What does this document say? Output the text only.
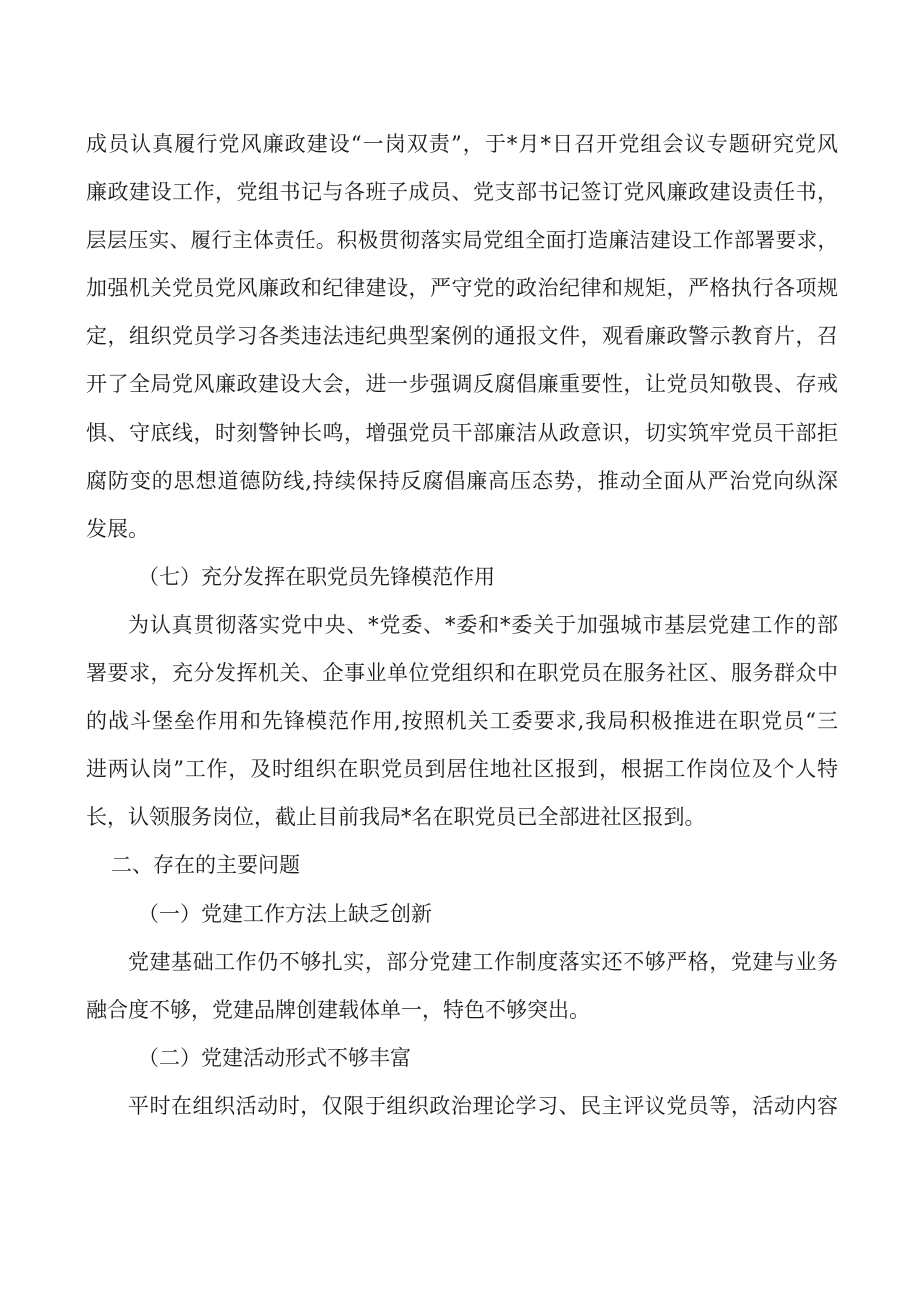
成员认真履行党风廉政建设“一岗双责”，于*月*日召开党组会议专题研究党风
廉政建设工作，党组书记与各班子成员、党支部书记签订党风廉政建设责任书，
层层压实、履行主体责任。积极贯彻落实局党组全面打造廉洁建设工作部署要求，
加强机关党员党风廉政和纪律建设，严守党的政治纪律和规矩，严格执行各项规
定，组织党员学习各类违法违纪典型案例的通报文件，观看廉政警示教育片，召
开了全局党风廉政建设大会，进一步强调反腐倡廉重要性，让党员知敬畏、存戒
惧、守底线，时刻警钟长鸣，增强党员干部廉洁从政意识，切实筑牢党员干部拒
腐防变的思想道德防线,持续保持反腐倡廉高压态势，推动全面从严治党向纵深
发展。
（七）充分发挥在职党员先锋模范作用
为认真贯彻落实党中央、*党委、*委和*委关于加强城市基层党建工作的部
署要求，充分发挥机关、企事业单位党组织和在职党员在服务社区、服务群众中
的战斗堡垒作用和先锋模范作用,按照机关工委要求,我局积极推进在职党员“三
进两认岗”工作，及时组织在职党员到居住地社区报到，根据工作岗位及个人特
长，认领服务岗位，截止目前我局*名在职党员已全部进社区报到。
二、存在的主要问题
（一）党建工作方法上缺乏创新
党建基础工作仍不够扎实，部分党建工作制度落实还不够严格，党建与业务
融合度不够，党建品牌创建载体单一，特色不够突出。
（二）党建活动形式不够丰富
平时在组织活动时，仅限于组织政治理论学习、民主评议党员等，活动内容
